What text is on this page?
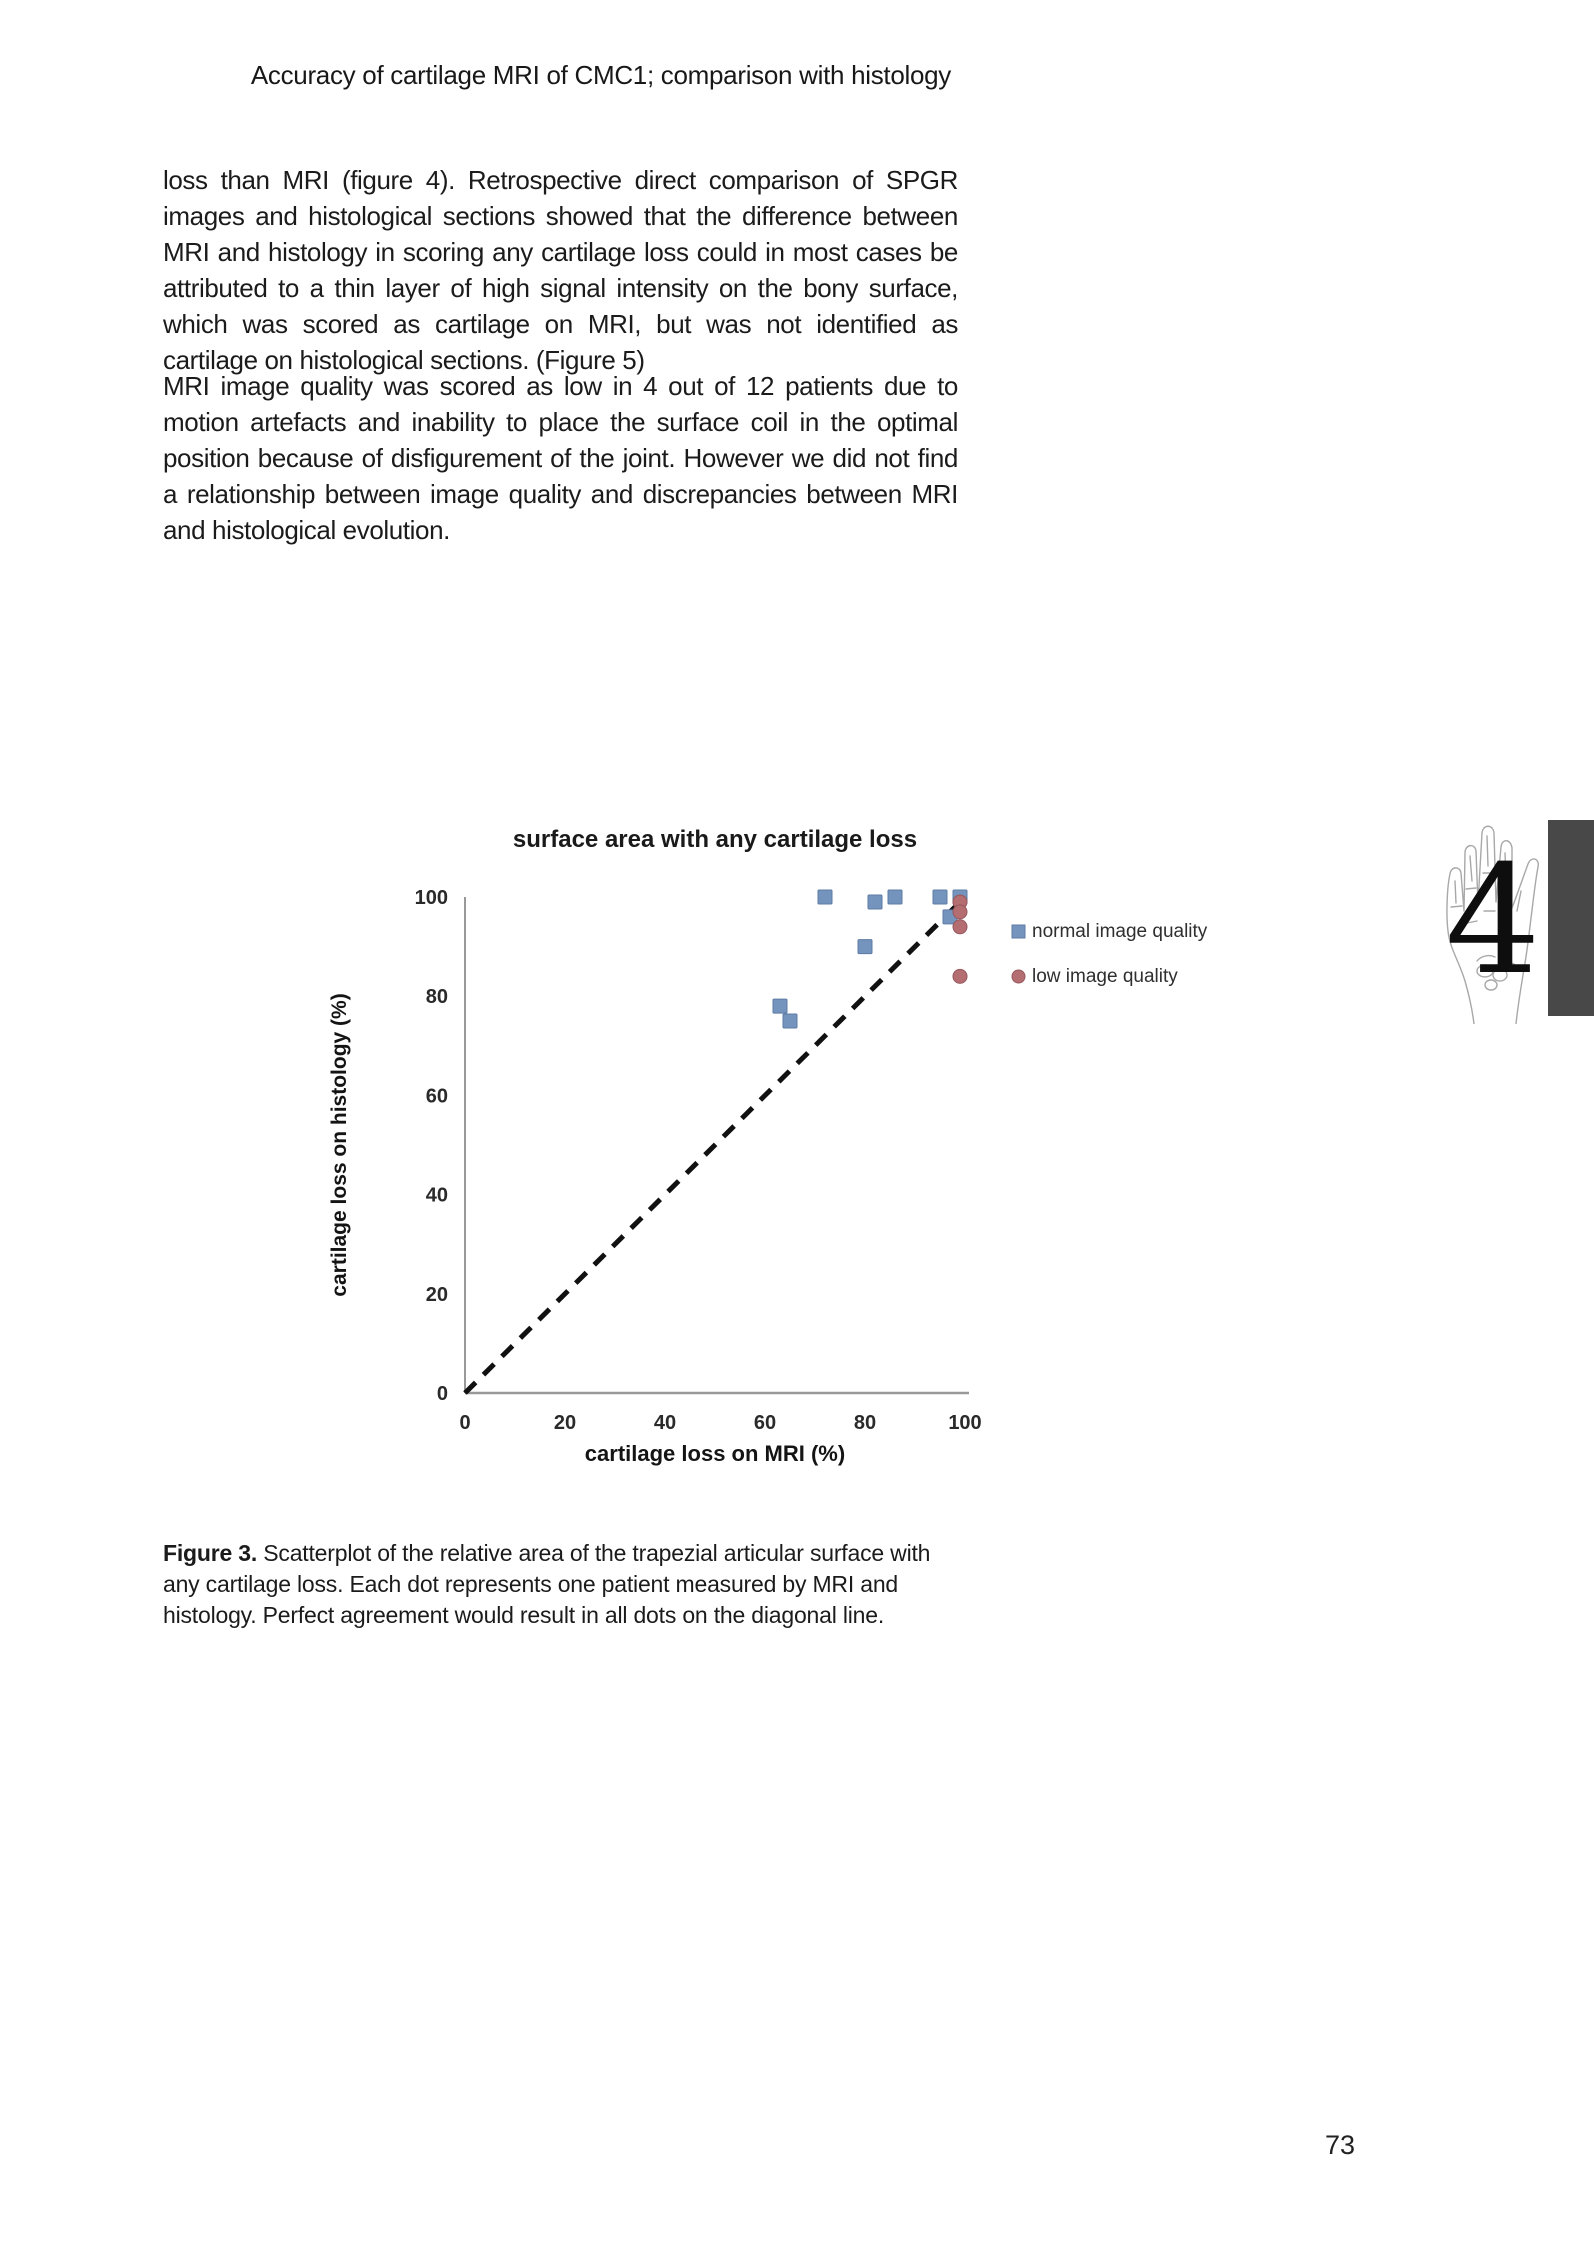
Accuracy of cartilage MRI of CMC1; comparison with histology

loss than MRI (figure 4). Retrospective direct comparison of SPGR images and histological sections showed that the difference between MRI and histology in scoring any cartilage loss could in most cases be attributed to a thin layer of high signal intensity on the bony surface, which was scored as cartilage on MRI, but was not identified as cartilage on histological sections. (Figure 5)

MRI image quality was scored as low in 4 out of 12 patients due to motion artefacts and inability to place the surface coil in the optimal position because of disfigurement of the joint. However we did not find a relationship between image quality and discrepancies between MRI and histological evolution.

surface area with any cartilage loss
0	20	40	60	80	100
0
20
40
60
80
100
cartilage loss on MRI (%)
cartilage loss on histology (%)
normal image quality
low image quality
Figure 3. Scatterplot of the relative area of the trapezial articular surface with any cartilage loss. Each dot represents one patient measured by MRI and histology. Perfect agreement would result in all dots on the diagonal line.
4
73
